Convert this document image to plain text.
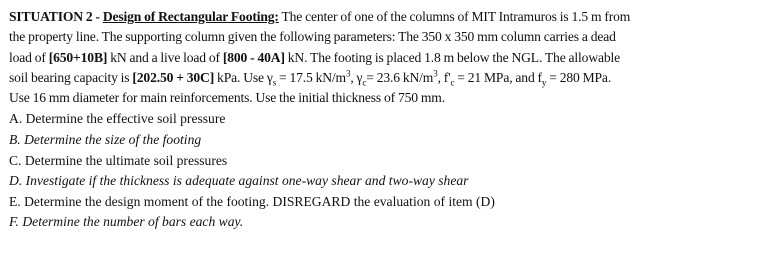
SITUATION 2 - Design of Rectangular Footing: The center of one of the columns of MIT Intramuros is 1.5 m from
the property line. The supporting column given the following parameters: The 350 x 350 mm column carries a dead
load of [650+10B] kN and a live load of [800 - 40A] kN. The footing is placed 1.8 m below the NGL. The allowable
soil bearing capacity is [202.50 + 30C] kPa. Use $\gamma_s = 17.5$ $kN/m^3$, $\gamma_c= 23.6$ $kN/m^3$, $f'_c = 21$ MPa, and $f_y = 280$ MPa.
Use 16 mm diameter for main reinforcements. Use the initial thickness of 750 mm.

A. Determine the effective soil pressure
B. Determine the size of the footing
C. Determine the ultimate soil pressures
D. Investigate if the thickness is adequate against one-way shear and two-way shear
E. Determine the design moment of the footing. DISREGARD the evaluation of item (D)
F. Determine the number of bars each way.
